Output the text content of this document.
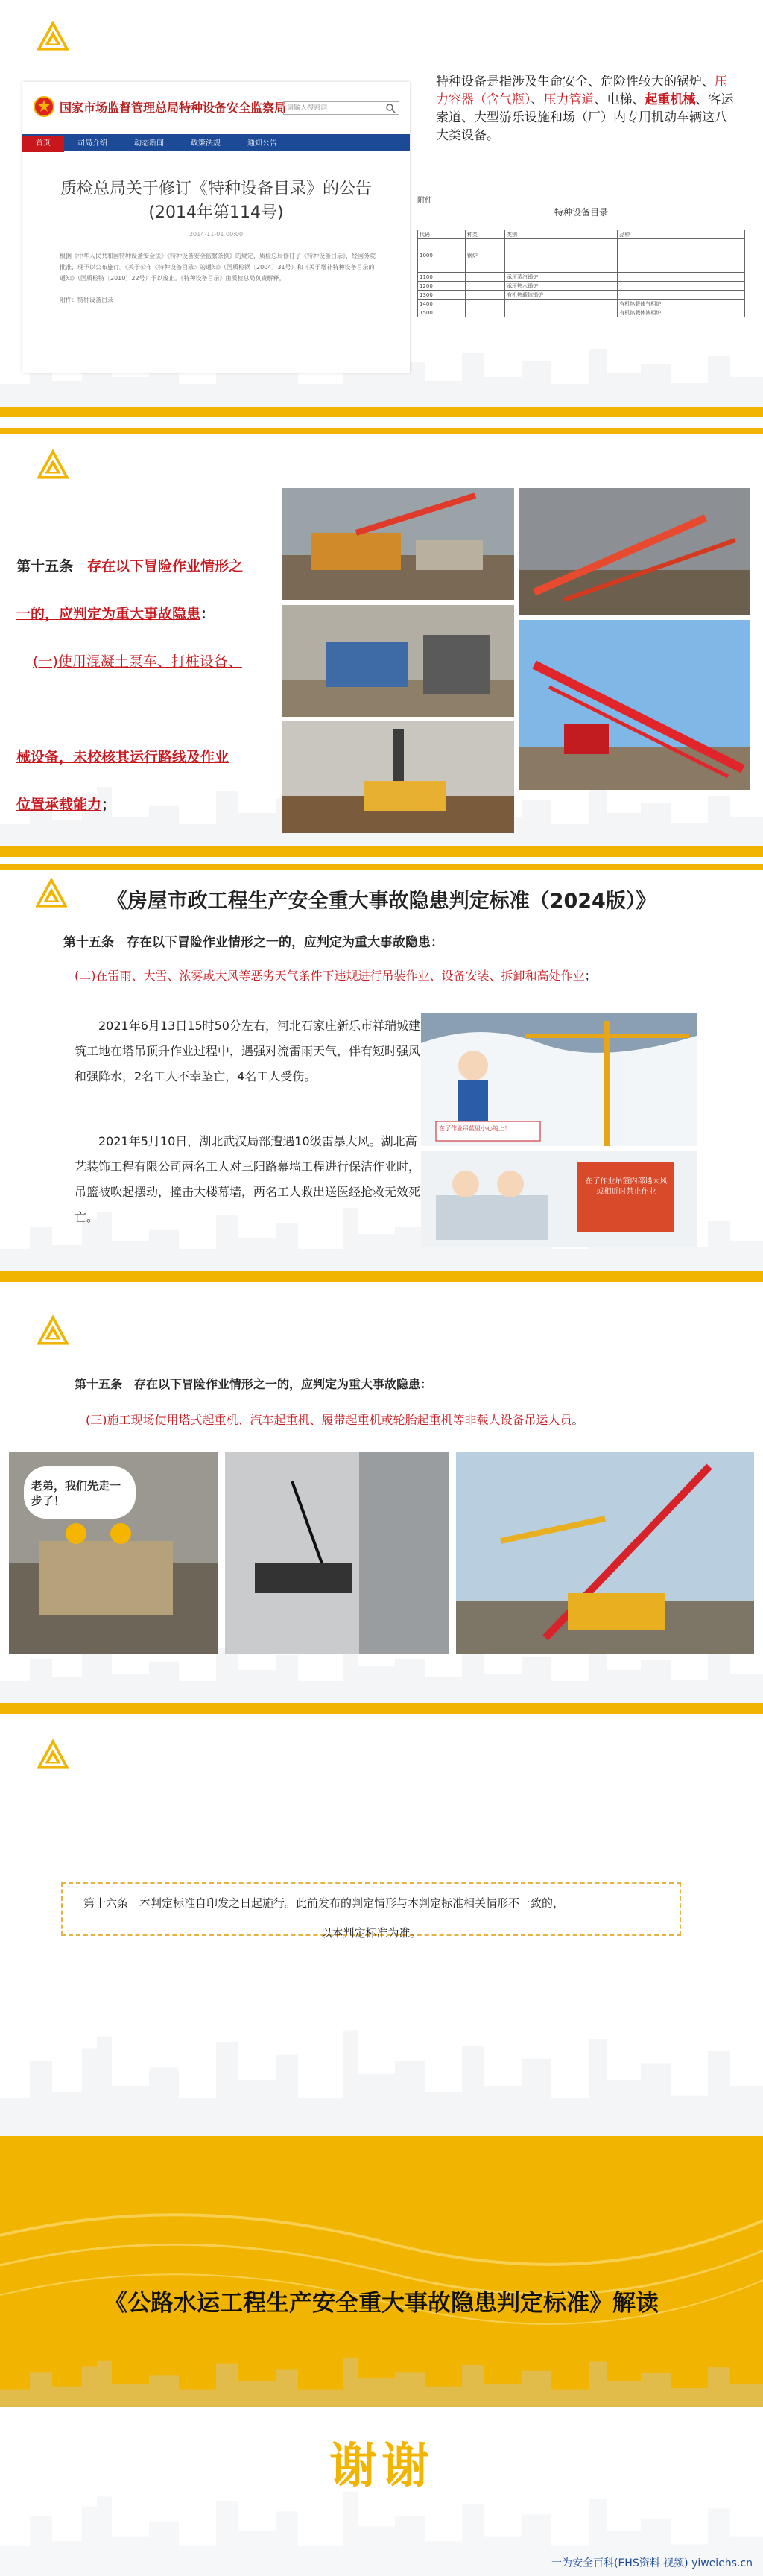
国家市场监督管理总局特种设备安全监察局 请输入搜索词
首页	司局介绍	动态新闻	政策法规	通知公告
质检总局关于修订《特种设备目录》的公告
(2014年第114号)
2014-11-01 00:00
根据《中华人民共和国特种设备安全法》《特种设备安全监察条例》的规定，质检总局修订了《特种设备目录》，经国务院批准，现予以公布施行。《关于公布〈特种设备目录〉的通知》（国质检锅〔2004〕31号）和《关于增补特种设备目录的通知》（国质检特〔2010〕22号）予以废止。《特种设备目录》由质检总局负责解释。
附件：特种设备目录
特种设备是指涉及生命安全、危险性较大的锅炉、压力容器（含气瓶）、压力管道、电梯、起重机械、客运索道、大型游乐设施和场（厂）内专用机动车辆这八大类设备。
附件
特种设备目录
代码	种类	类别	品种
1000	锅炉		
1100		承压蒸汽锅炉	
1200		承压热水锅炉	
1300		有机热载体锅炉	
1400			有机热载体气相炉
1500			有机热载体液相炉
第十五条　 存在以下冒险作业情形之
一的，应判定为重大事故隐患：
(一)使用混凝土泵车、打桩设备、
械设备，未校核其运行路线及作业
位置承载能力；
《房屋市政工程生产安全重大事故隐患判定标准（2024版）》
第十五条　存在以下冒险作业情形之一的，应判定为重大事故隐患：
(二)在雷雨、大雪、浓雾或大风等恶劣天气条件下违规进行吊装作业、设备安装、拆卸和高处作业；
2021年6月13日15时50分左右，河北石家庄新乐市祥瑞城建筑工地在塔吊顶升作业过程中，遇强对流雷雨天气，伴有短时强风和强降水，2名工人不幸坠亡，4名工人受伤。
2021年5月10日，湖北武汉局部遭遇10级雷暴大风。湖北高艺装饰工程有限公司两名工人对三阳路幕墙工程进行保洁作业时，吊篮被吹起摆动，撞击大楼幕墙，两名工人救出送医经抢救无效死亡。
在了作业吊蓝里小心的上！
在了作业吊篮内部遇大风或相近时禁止作业
第十五条　存在以下冒险作业情形之一的，应判定为重大事故隐患：
(三)施工现场使用塔式起重机、汽车起重机、履带起重机或轮胎起重机等非载人设备吊运人员。
老弟，我们先走一步了！
第十六条　本判定标准自印发之日起施行。此前发布的判定情形与本判定标准相关情形不一致的，
以本判定标准为准。
《公路水运工程生产安全重大事故隐患判定标准》解读
谢谢
一为安全百科(EHS资料 视频) yiweiehs.cn
